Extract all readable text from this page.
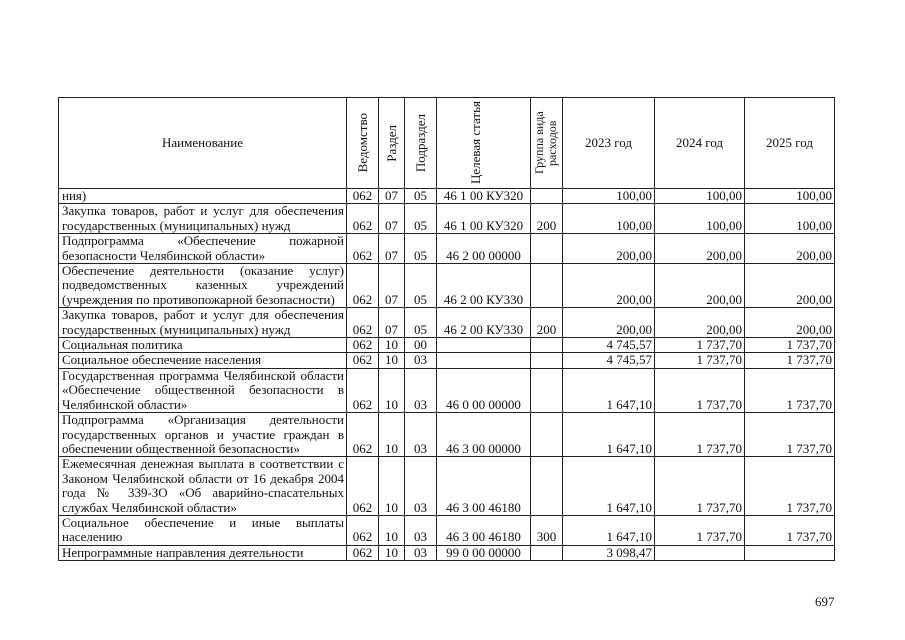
Наименование	Ведомство	Раздел	Подраздел	Целевая статья	Группа вида расходов	2023 год	2024 год	2025 год
ния)	062	07	05	46 1 00 КУ320		100,00	100,00	100,00
Закупка товаров, работ и услуг для обеспечения государственных (муниципальных) нужд	062	07	05	46 1 00 КУ320	200	100,00	100,00	100,00
Подпрограмма «Обеспечение пожарной безопасности Челябинской области»	062	07	05	46 2 00 00000		200,00	200,00	200,00
Обеспечение деятельности (оказание услуг) подведомственных казенных учреждений (учреждения по противопожарной безопасности)	062	07	05	46 2 00 КУ330		200,00	200,00	200,00
Закупка товаров, работ и услуг для обеспечения государственных (муниципальных) нужд	062	07	05	46 2 00 КУ330	200	200,00	200,00	200,00
Социальная политика	062	10	00			4 745,57	1 737,70	1 737,70
Социальное обеспечение населения	062	10	03			4 745,57	1 737,70	1 737,70
Государственная программа Челябинской области «Обеспечение общественной безопасности в Челябинской области»	062	10	03	46 0 00 00000		1 647,10	1 737,70	1 737,70
Подпрограмма «Организация деятельности государственных органов и участие граждан в обеспечении общественной безопасности»	062	10	03	46 3 00 00000		1 647,10	1 737,70	1 737,70
Ежемесячная денежная выплата в соответствии с Законом Челябинской области от 16 декабря 2004 года № 339-ЗО «Об аварийно-спасательных службах Челябинской области»	062	10	03	46 3 00 46180		1 647,10	1 737,70	1 737,70
Социальное обеспечение и иные выплаты населению	062	10	03	46 3 00 46180	300	1 647,10	1 737,70	1 737,70
Непрограммные направления деятельности	062	10	03	99 0 00 00000		3 098,47		
697
